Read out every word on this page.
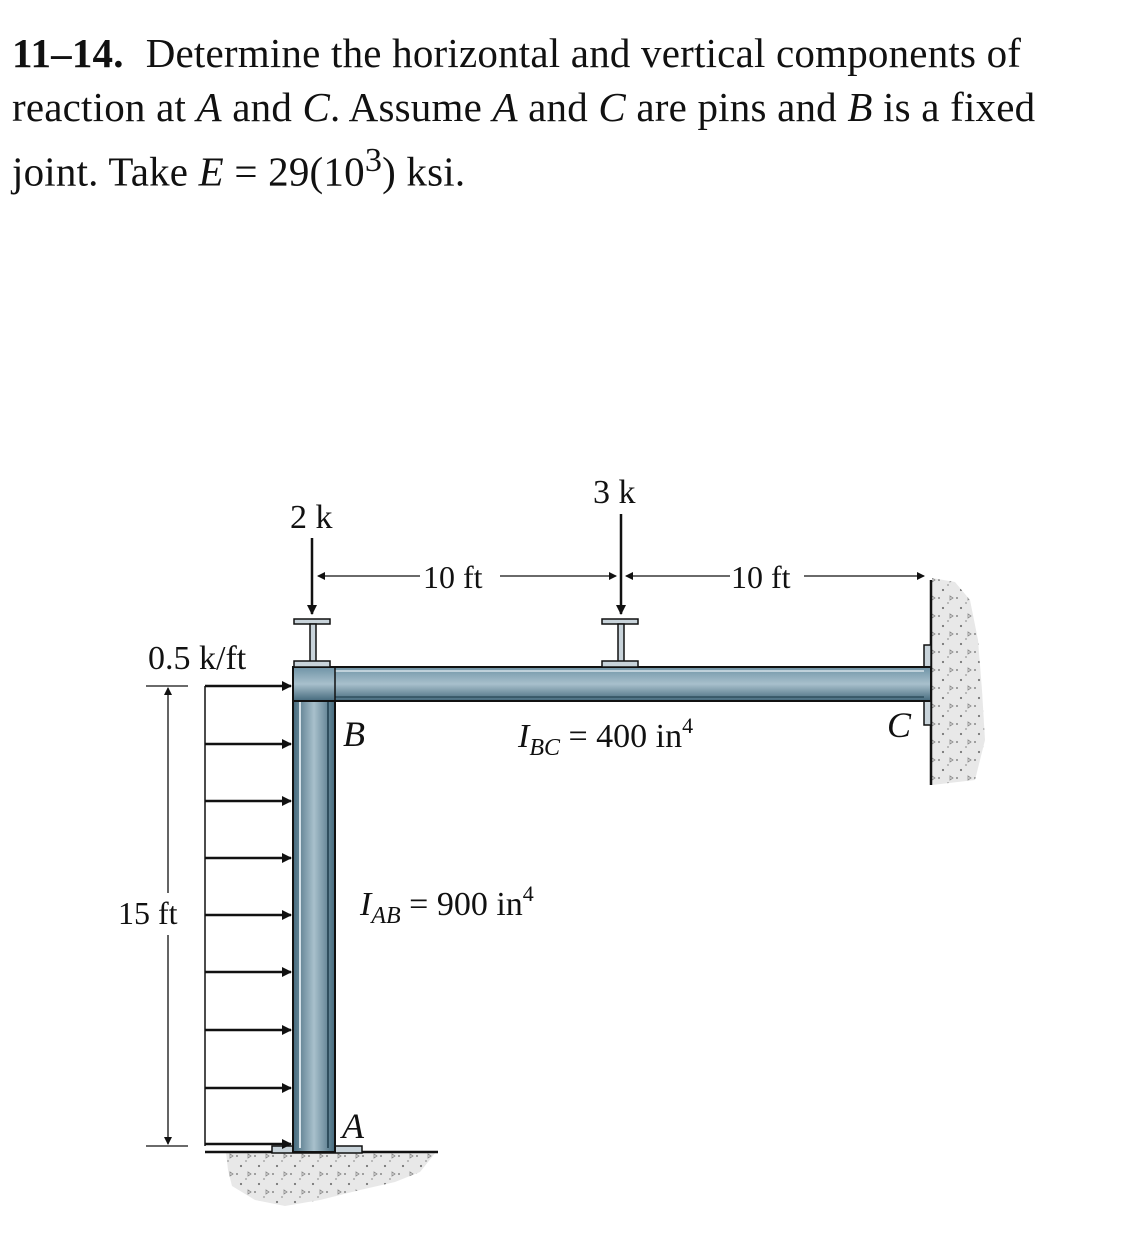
11–14. Determine the horizontal and vertical components of reaction at A and C. Assume A and C are pins and B is a fixed joint. Take $E = 29(10^3)$ ksi.
2 k
3 k
10 ft	10 ft
0.5 k/ft
15 ft
B
A
C
$I_{BC} = 400$ $in^4$
$I_{AB} = 900$ $in^4$
